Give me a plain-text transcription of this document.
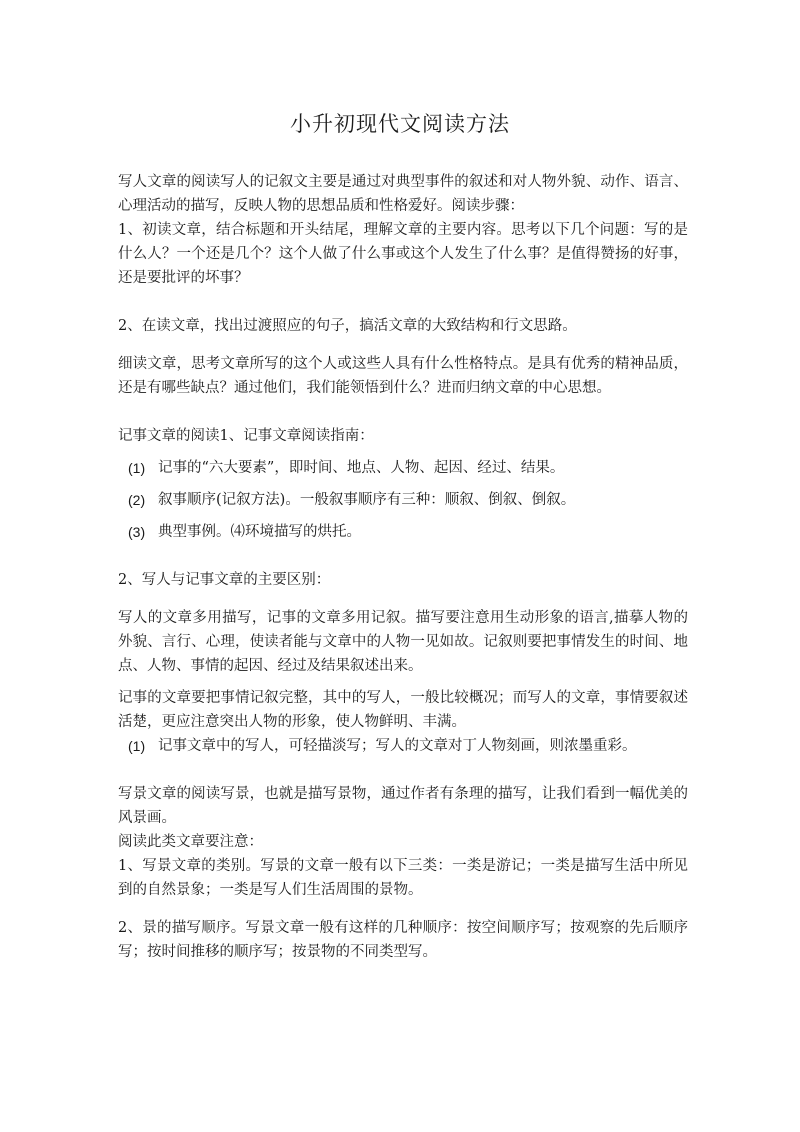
小升初现代文阅读方法

写人文章的阅读写人的记叙文主要是通过对典型事件的叙述和对人物外貌、动作、语言、心理活动的描写，反映人物的思想品质和性格爱好。阅读步骤：

1、初读文章，结合标题和开头结尾，理解文章的主要内容。思考以下几个问题：写的是什么人？一个还是几个？这个人做了什么事或这个人发生了什么事？是值得赞扬的好事，还是要批评的坏事？

2、在读文章，找出过渡照应的句子，搞活文章的大致结构和行文思路。

细读文章，思考文章所写的这个人或这些人具有什么性格特点。是具有优秀的精神品质，还是有哪些缺点？通过他们，我们能领悟到什么？进而归纳文章的中心思想。

记事文章的阅读1、记事文章阅读指南：

(1) 记事的“六大要素”，即时间、地点、人物、起因、经过、结果。
(2) 叙事顺序(记叙方法)。一般叙事顺序有三种：顺叙、倒叙、倒叙。
(3) 典型事例。⑷环境描写的烘托。

2、写人与记事文章的主要区别：

写人的文章多用描写，记事的文章多用记叙。描写要注意用生动形象的语言,描摹人物的外貌、言行、心理，使读者能与文章中的人物一见如故。记叙则要把事情发生的时间、地点、人物、事情的起因、经过及结果叙述出来。

记事的文章要把事情记叙完整，其中的写人，一般比较概况；而写人的文章，事情要叙述活楚，更应注意突出人物的形象，使人物鲜明、丰满。

(1) 记事文章中的写人，可轻描淡写；写人的文章对丁人物刻画，则浓墨重彩。

写景文章的阅读写景，也就是描写景物，通过作者有条理的描写，让我们看到一幅优美的风景画。

阅读此类文章要注意：

1、写景文章的类别。写景的文章一般有以下三类：一类是游记；一类是描写生活中所见到的自然景象；一类是写人们生活周围的景物。

2、景的描写顺序。写景文章一般有这样的几种顺序：按空间顺序写；按观察的先后顺序写；按时间推移的顺序写；按景物的不同类型写。
